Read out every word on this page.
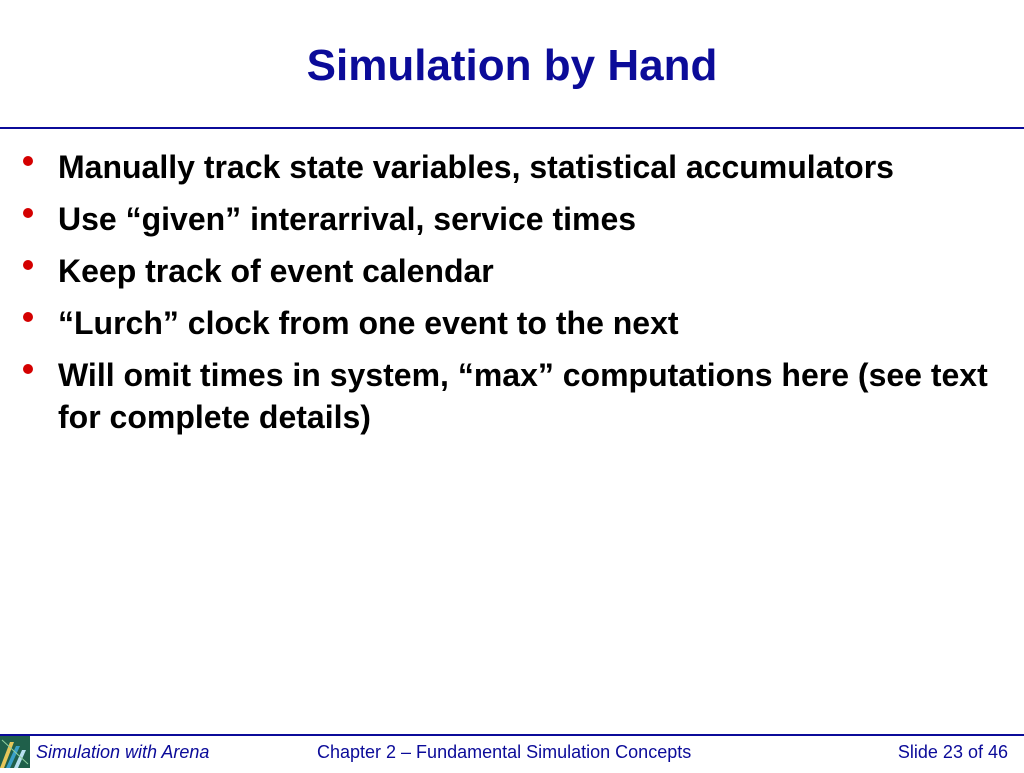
Simulation by Hand
Manually track state variables, statistical accumulators
Use “given” interarrival, service times
Keep track of event calendar
“Lurch” clock from one event to the next
Will omit times in system, “max” computations here (see text for complete details)
Simulation with Arena	Chapter 2 – Fundamental Simulation Concepts	Slide 23 of 46
